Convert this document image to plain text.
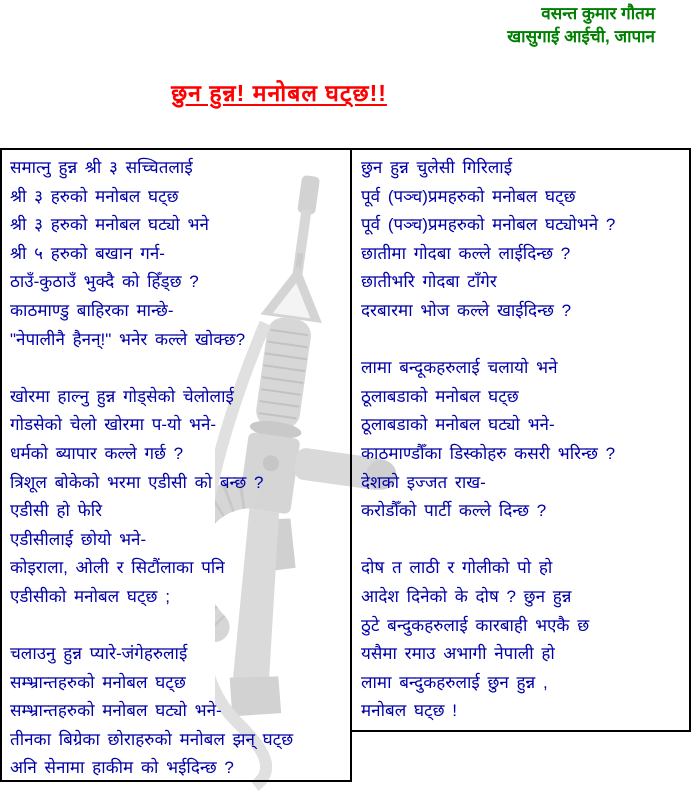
वसन्त कुमार गौतम
खासुगाई आईची, जापान
छुन हुन्न! मनोबल घट्छ!!
समात्नु हुन्न श्री ३ सच्चितलाई
श्री ३ हरुको मनोबल घट्छ
श्री ३ हरुको मनोबल घट्यो भने
श्री ५ हरुको बखान गर्न-
ठाउँ-कुठाउँ भुक्दै को हिँड्छ ?
काठमाण्डु बाहिरका मान्छे-
"नेपालीनै हैनन्!" भनेर कल्ले खोक्छ?
खोरमा हाल्नु हुन्न गोड्सेको चेलोलाई
गोडसेको चेलो खोरमा प-यो भने-
धर्मको ब्यापार कल्ले गर्छ ?
त्रिशूल बोकेको भरमा एडीसी को बन्छ ?
एडीसी हो फेरि
एडीसीलाई छोयो भने-
कोइराला, ओली र सिटौंलाका पनि
एडीसीको मनोबल घट्छ ;
चलाउनु हुन्न प्यारे-जंगेहरुलाई
सम्भ्रान्तहरुको मनोबल घट्छ
सम्भ्रान्तहरुको मनोबल घट्यो भने-
तीनका बिग्रेका छोराहरुको मनोबल झन् घट्छ
अनि सेनामा हाकीम को भईदिन्छ ?
छुन हुन्न चुलेसी गिरिलाई
पूर्व (पञ्च)प्रमहरुको मनोबल घट्छ
पूर्व (पञ्च)प्रमहरुको मनोबल घट्योभने ?
छातीमा गोदबा कल्ले लाईदिन्छ ?
छातीभरि गोदबा टाँगेर
दरबारमा भोज कल्ले खाईदिन्छ ?
लामा बन्दूकहरुलाई चलायो भने
ठूलाबडाको मनोबल घट्छ
ठूलाबडाको मनोबल घट्यो भने-
काठमाण्डौँका डिस्कोहरु कसरी भरिन्छ ?
देशको इज्जत राख-
करोडौँको पार्टी कल्ले दिन्छ ?
दोष त लाठी र गोलीको पो हो
आदेश दिनेको के दोष ? छुन हुन्न
ठुटे बन्दुकहरुलाई कारबाही भएकै छ
यसैमा रमाउ अभागी नेपाली हो
लामा बन्दुकहरुलाई छुन हुन्न ,
मनोबल घट्छ !
